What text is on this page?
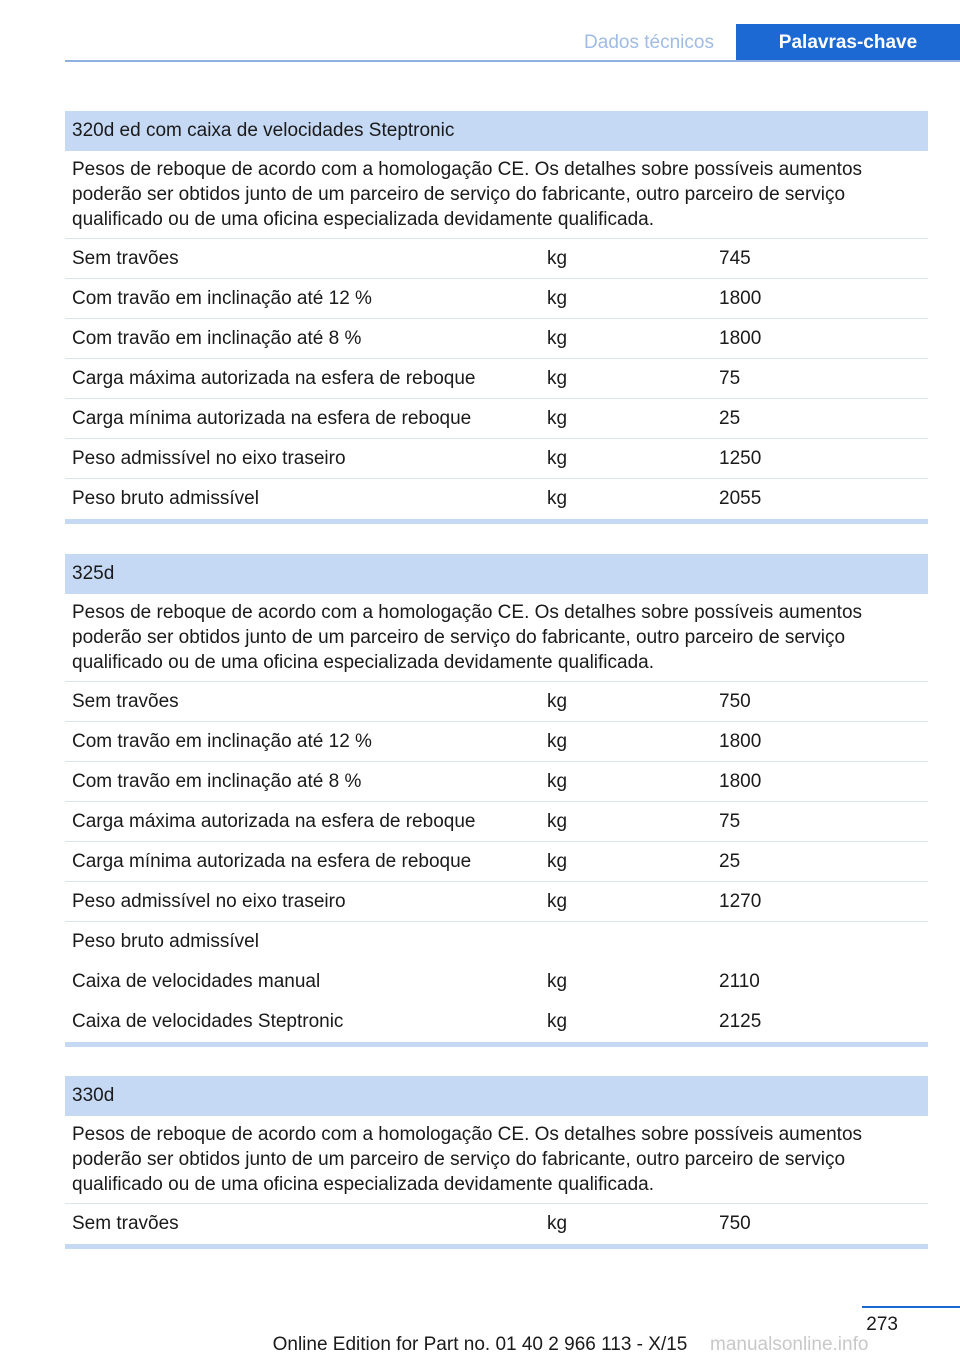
Dados técnicos	Palavras-chave
320d ed com caixa de velocidades Steptronic
Pesos de reboque de acordo com a homologação CE. Os detalhes sobre possíveis aumentos poderão ser obtidos junto de um parceiro de serviço do fabricante, outro parceiro de serviço qualificado ou de uma oficina especializada devidamente qualificada.
Sem travões	kg	745
Com travão em inclinação até 12 %	kg	1800
Com travão em inclinação até 8 %	kg	1800
Carga máxima autorizada na esfera de reboque	kg	75
Carga mínima autorizada na esfera de reboque	kg	25
Peso admissível no eixo traseiro	kg	1250
Peso bruto admissível	kg	2055
325d
Pesos de reboque de acordo com a homologação CE. Os detalhes sobre possíveis aumentos poderão ser obtidos junto de um parceiro de serviço do fabricante, outro parceiro de serviço qualificado ou de uma oficina especializada devidamente qualificada.
Sem travões	kg	750
Com travão em inclinação até 12 %	kg	1800
Com travão em inclinação até 8 %	kg	1800
Carga máxima autorizada na esfera de reboque	kg	75
Carga mínima autorizada na esfera de reboque	kg	25
Peso admissível no eixo traseiro	kg	1270
Peso bruto admissível
Caixa de velocidades manual	kg	2110
Caixa de velocidades Steptronic	kg	2125
330d
Pesos de reboque de acordo com a homologação CE. Os detalhes sobre possíveis aumentos poderão ser obtidos junto de um parceiro de serviço do fabricante, outro parceiro de serviço qualificado ou de uma oficina especializada devidamente qualificada.
Sem travões	kg	750
273
Online Edition for Part no. 01 40 2 966 113 - X/15	manualsonline.info
